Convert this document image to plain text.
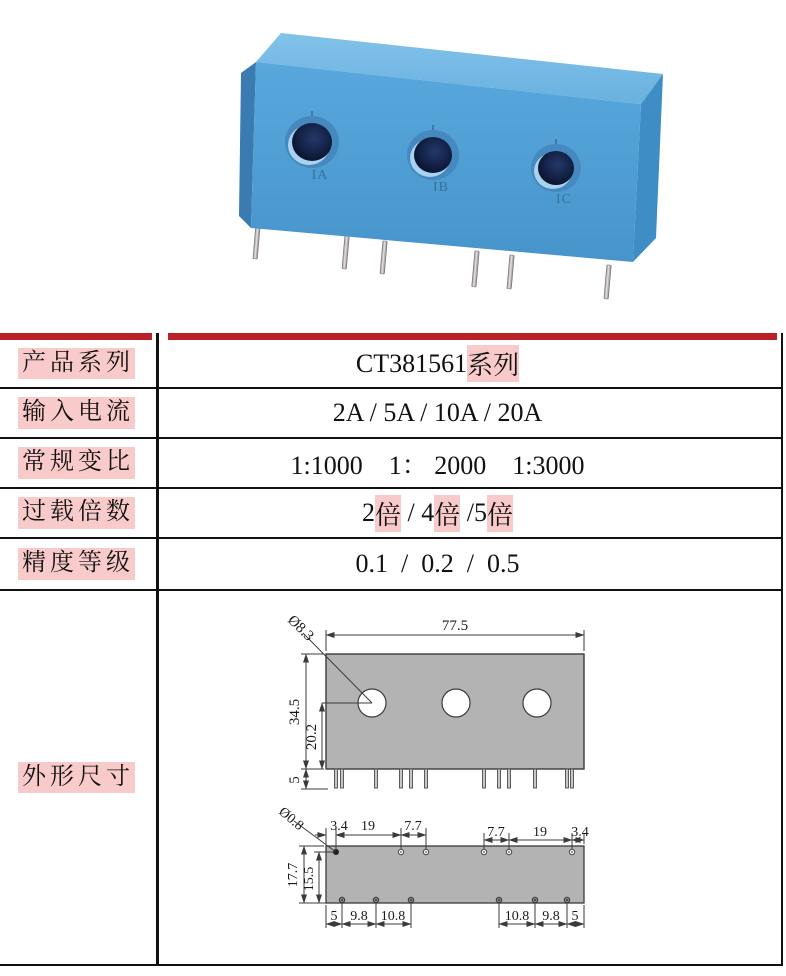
IA
IB
IC
产品系列	CT381561 系列
输入电流	2A / 5A / 10A / 20A
常规变比	1:1000    1： 2000    1:3000
过载倍数	2 倍 / 4 倍 /5 倍
精度等级	0.1  /  0.2  /  0.5
外形尺寸
77.5
34.5
20.2
5
Ø8.3
3.4 19 7.7	7.7 19 3.4
17.7 15.5
5 9.8 10.8	10.8 9.8 5
Ø0.8
